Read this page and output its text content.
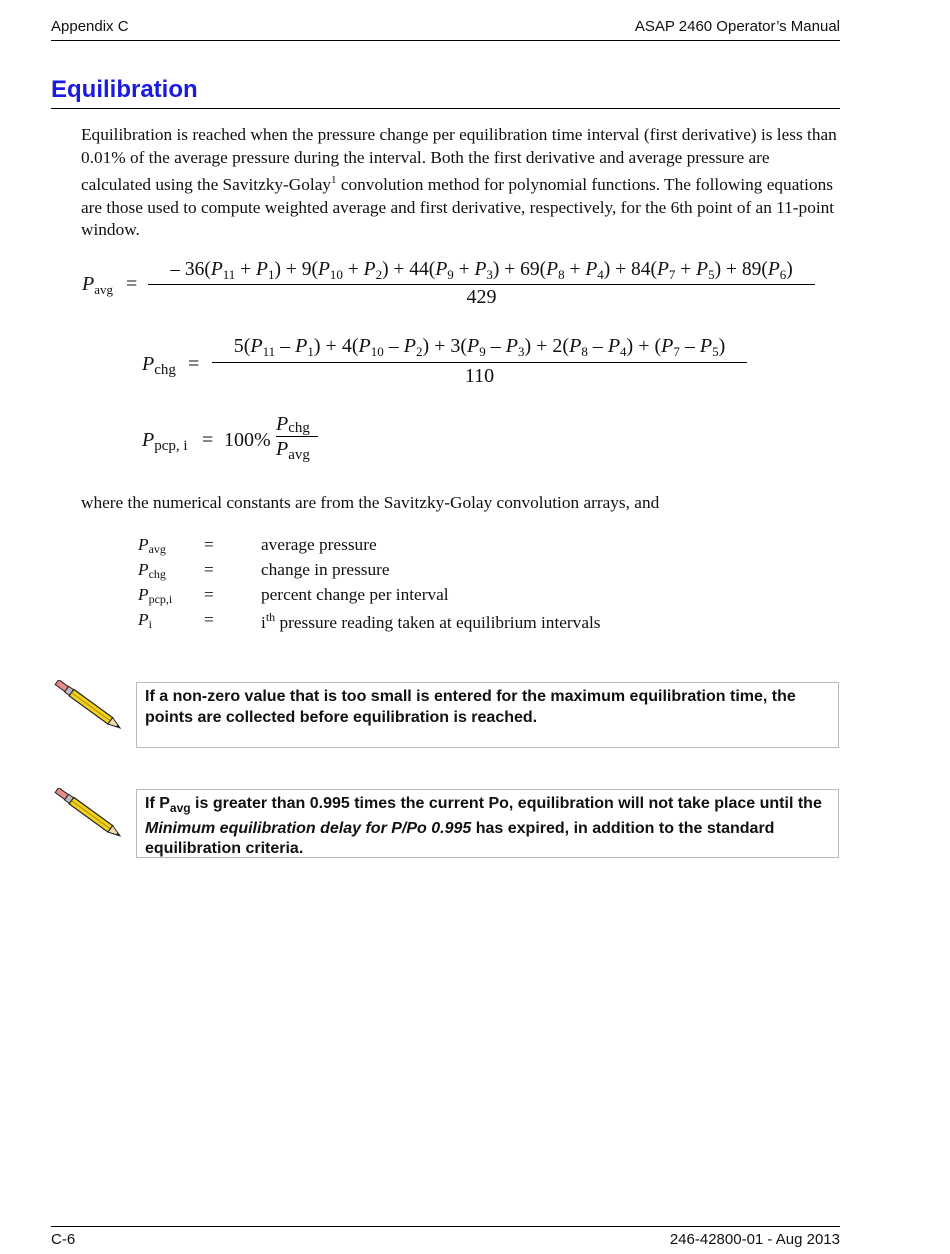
Appendix C	ASAP 2460 Operator’s Manual
Equilibration

Equilibration is reached when the pressure change per equilibration time interval (first derivative) is less than 0.01% of the average pressure during the interval. Both the first derivative and average pressure are calculated using the Savitzky-Golay$^1$ convolution method for polynomial functions. The following equations are those used to compute weighted average and first derivative, respectively, for the 6th point of an 11-point window.

$P_{avg}$ =
– $36(P_{11} + P_1) + 9(P_{10} + P_2) + 44(P_9 + P_3) + 69(P_8 + P_4) + 84(P_7 + P_5) + 89(P_6)$
429
$P_{chg}$ =
$5(P_{11} - P_1) + 4(P_{10} - P_2) + 3(P_9 - P_3) + 2(P_8 - P_4) + (P_7 - P_5)$
110
$P_{pcp, i} = 100\%$
Pchg
$P_{avg}$
where the numerical constants are from the Savitzky-Golay convolution arrays, and
Pavg	=	average pressure
Pchg	=	change in pressure
Ppcp,i	=	percent change per interval
Pi	=	$i^{th}$ pressure reading taken at equilibrium intervals
If a non-zero value that is too small is entered for the maximum equilibration time, the points are collected before equilibration is reached.
If $P_{avg}$ is greater than 0.995 times the current Po, equilibration will not take place until the Minimum equilibration delay for P/Po 0.995 has expired, in addition to the standard equilibration criteria.
C-6	246-42800-01 - Aug 2013
